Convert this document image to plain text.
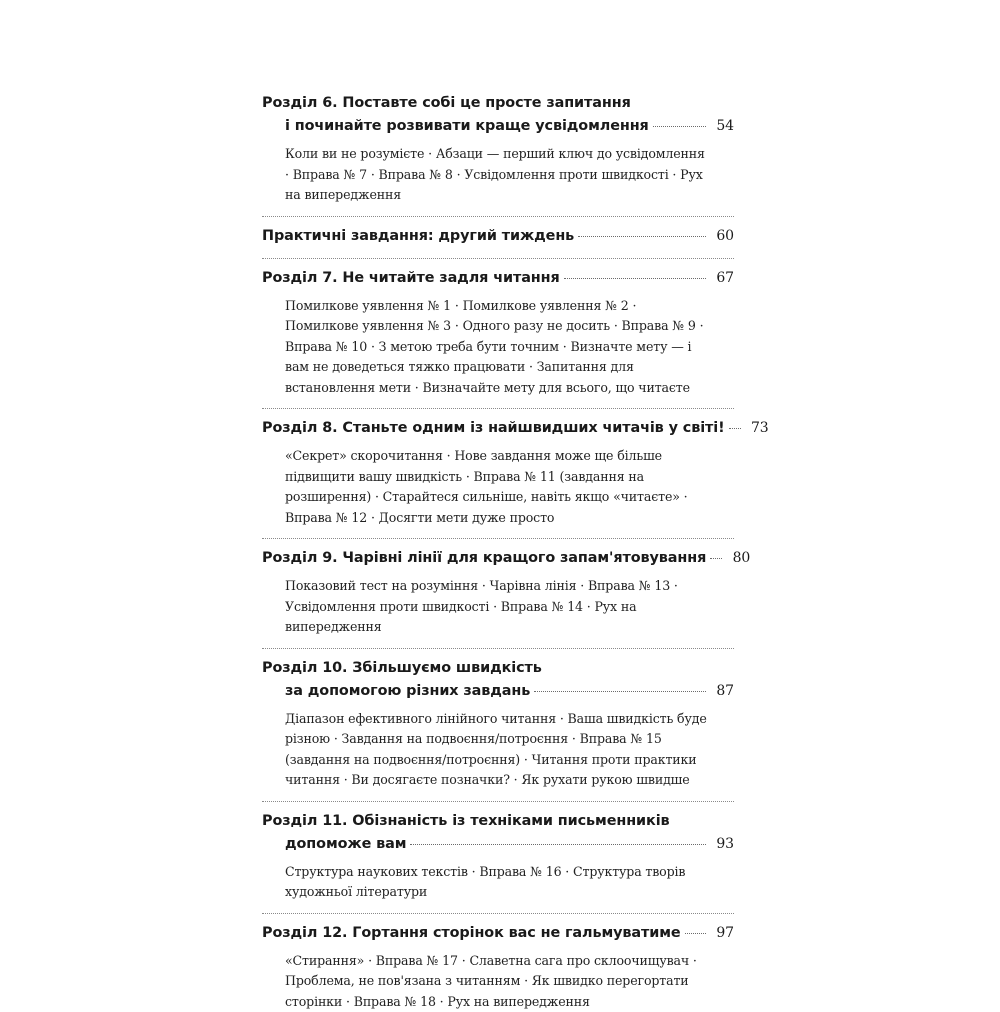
Розділ 6. Поставте собі це просте запитання
і починайте розвивати краще усвідомлення	54
Коли ви не розумієте · Абзаци — перший ключ до усвідомлення · Вправа № 7 · Вправа № 8 · Усвідомлення проти швидкості · Рух на випередження
Практичні завдання: другий тиждень	60
Розділ 7. Не читайте задля читання	67
Помилкове уявлення № 1 · Помилкове уявлення № 2 · Помилкове уявлення № 3 · Одного разу не досить · Вправа № 9 · Вправа № 10 · З метою треба бути точним · Визначте мету — і вам не доведеться тяжко працювати · Запитання для встановлення мети · Визначайте мету для всього, що читаєте
Розділ 8. Станьте одним із найшвидших читачів у світі!	73
«Секрет» скорочитання · Нове завдання може ще більше підвищити вашу швидкість · Вправа № 11 (завдання на розширення) · Старайтеся сильніше, навіть якщо «читаєте» · Вправа № 12 · Досягти мети дуже просто
Розділ 9. Чарівні лінії для кращого запам'ятовування	80
Показовий тест на розуміння · Чарівна лінія · Вправа № 13 · Усвідомлення проти швидкості · Вправа № 14 · Рух на випередження
Розділ 10. Збільшуємо швидкість
за допомогою різних завдань	87
Діапазон ефективного лінійного читання · Ваша швидкість буде різною · Завдання на подвоєння/потроєння · Вправа № 15 (завдання на подвоєння/потроєння) · Читання проти практики читання · Ви досягаєте позначки? · Як рухати рукою швидше
Розділ 11. Обізнаність із техніками письменників
допоможе вам	93
Структура наукових текстів · Вправа № 16 · Структура творів художньої літератури
Розділ 12. Гортання сторінок вас не гальмуватиме	97
«Стирання» · Вправа № 17 · Славетна сага про склоочищувач · Проблема, не пов'язана з читанням · Як швидко перегортати сторінки · Вправа № 18 · Рух на випередження
